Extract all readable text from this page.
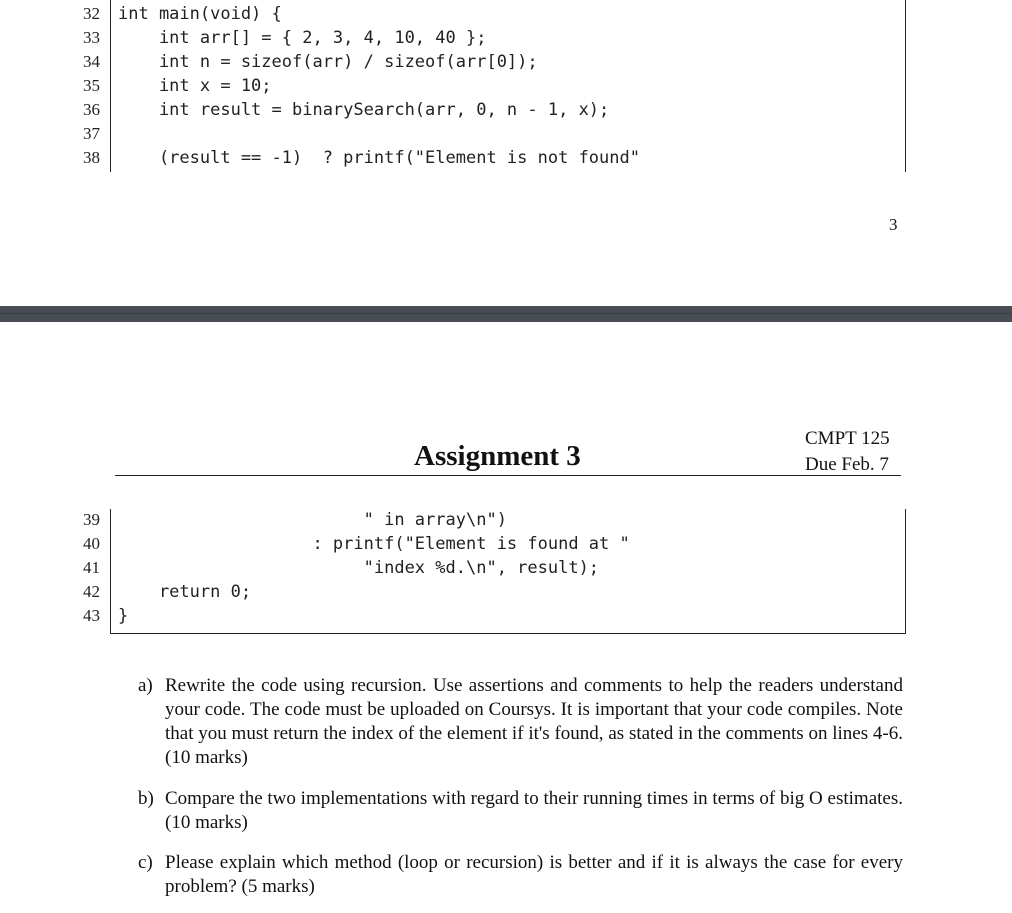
32 int main(void) {
33 int arr[] = { 2, 3, 4, 10, 40 };
34 int n = sizeof(arr) / sizeof(arr[0]);
35 int x = 10;
36 int result = binarySearch(arr, 0, n - 1, x);
37
38 (result == -1)  ? printf("Element is not found"
3
Assignment 3
CMPT 125
Due Feb. 7
39 " in array\n")
40 : printf("Element is found at "
41 "index %d.\n", result);
42 return 0;
43 }
a) Rewrite the code using recursion. Use assertions and comments to help the readers understand your code. The code must be uploaded on Coursys. It is important that your code compiles. Note that you must return the index of the element if it's found, as stated in the comments on lines 4-6. (10 marks)
b) Compare the two implementations with regard to their running times in terms of big O estimates. (10 marks)
c) Please explain which method (loop or recursion) is better and if it is always the case for every problem? (5 marks)
